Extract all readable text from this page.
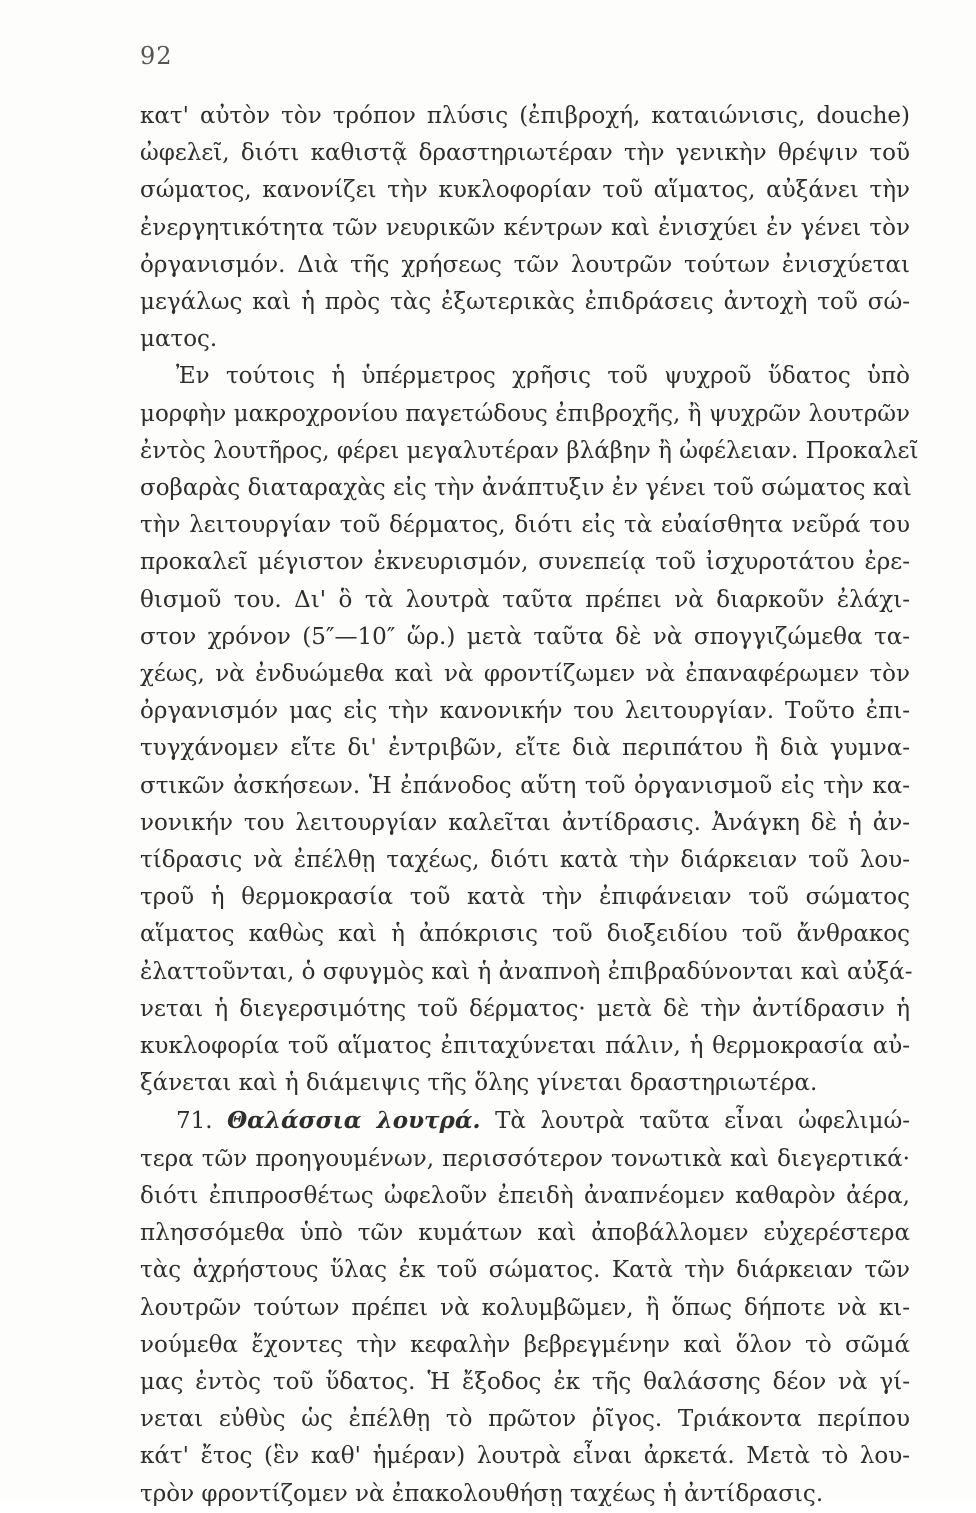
92
κατ' αὐτὸν τὸν τρόπον πλύσις (ἐπιβροχή, καταιώνισις, douche)
ὠφελεῖ, διότι καθιστᾷ δραστηριωτέραν τὴν γενικὴν θρέψιν τοῦ
σώματος, κανονίζει τὴν κυκλοφορίαν τοῦ αἵματος, αὐξάνει τὴν
ἐνεργητικότητα τῶν νευρικῶν κέντρων καὶ ἐνισχύει ἐν γένει τὸν
ὀργανισμόν. Διὰ τῆς χρήσεως τῶν λουτρῶν τούτων ἐνισχύεται
μεγάλως καὶ ἡ πρὸς τὰς ἐξωτερικὰς ἐπιδράσεις ἀντοχὴ τοῦ σώ-
ματος.
Ἐν τούτοις ἡ ὑπέρμετρος χρῆσις τοῦ ψυχροῦ ὕδατος ὑπὸ
μορφὴν μακροχρονίου παγετώδους ἐπιβροχῆς, ἢ ψυχρῶν λουτρῶν
ἐντὸς λουτῆρος, φέρει μεγαλυτέραν βλάβην ἢ ὠφέλειαν. Προκαλεῖ
σοβαρὰς διαταραχὰς εἰς τὴν ἀνάπτυξιν ἐν γένει τοῦ σώματος καὶ
τὴν λειτουργίαν τοῦ δέρματος, διότι εἰς τὰ εὐαίσθητα νεῦρά του
προκαλεῖ μέγιστον ἐκνευρισμόν, συνεπείᾳ τοῦ ἰσχυροτάτου ἐρε-
θισμοῦ του. Δι' ὃ τὰ λουτρὰ ταῦτα πρέπει νὰ διαρκοῦν ἐλάχι-
στον χρόνον (5″—10″ ὥρ.) μετὰ ταῦτα δὲ νὰ σπογγιζώμεθα τα-
χέως, νὰ ἐνδυώμεθα καὶ νὰ φροντίζωμεν νὰ ἐπαναφέρωμεν τὸν
ὀργανισμόν μας εἰς τὴν κανονικήν του λειτουργίαν. Τοῦτο ἐπι-
τυγχάνομεν εἴτε δι' ἐντριβῶν, εἴτε διὰ περιπάτου ἢ διὰ γυμνα-
στικῶν ἀσκήσεων. Ἡ ἐπάνοδος αὕτη τοῦ ὀργανισμοῦ εἰς τὴν κα-
νονικήν του λειτουργίαν καλεῖται ἀντίδρασις. Ἀνάγκη δὲ ἡ ἀν-
τίδρασις νὰ ἐπέλθῃ ταχέως, διότι κατὰ τὴν διάρκειαν τοῦ λου-
τροῦ ἡ θερμοκρασία τοῦ κατὰ τὴν ἐπιφάνειαν τοῦ σώματος
αἵματος καθὼς καὶ ἡ ἀπόκρισις τοῦ διοξειδίου τοῦ ἄνθρακος
ἐλαττοῦνται, ὁ σφυγμὸς καὶ ἡ ἀναπνοὴ ἐπιβραδύνονται καὶ αὐξά-
νεται ἡ διεγερσιμότης τοῦ δέρματος· μετὰ δὲ τὴν ἀντίδρασιν ἡ
κυκλοφορία τοῦ αἵματος ἐπιταχύνεται πάλιν, ἡ θερμοκρασία αὐ-
ξάνεται καὶ ἡ διάμειψις τῆς ὅλης γίνεται δραστηριωτέρα.
71. Θαλάσσια λουτρά. Τὰ λουτρὰ ταῦτα εἶναι ὠφελιμώ-
τερα τῶν προηγουμένων, περισσότερον τονωτικὰ καὶ διεγερτικά·
διότι ἐπιπροσθέτως ὠφελοῦν ἐπειδὴ ἀναπνέομεν καθαρὸν ἀέρα,
πλησσόμεθα ὑπὸ τῶν κυμάτων καὶ ἀποβάλλομεν εὐχερέστερα
τὰς ἀχρήστους ὕλας ἐκ τοῦ σώματος. Κατὰ τὴν διάρκειαν τῶν
λουτρῶν τούτων πρέπει νὰ κολυμβῶμεν, ἢ ὅπως δήποτε νὰ κι-
νούμεθα ἔχοντες τὴν κεφαλὴν βεβρεγμένην καὶ ὅλον τὸ σῶμά
μας ἐντὸς τοῦ ὕδατος. Ἡ ἔξοδος ἐκ τῆς θαλάσσης δέον νὰ γί-
νεται εὐθὺς ὡς ἐπέλθῃ τὸ πρῶτον ῥῖγος. Τριάκοντα περίπου
κάτ' ἔτος (ἓν καθ' ἡμέραν) λουτρὰ εἶναι ἀρκετά. Μετὰ τὸ λου-
τρὸν φροντίζομεν νὰ ἐπακολουθήσῃ ταχέως ἡ ἀντίδρασις.
